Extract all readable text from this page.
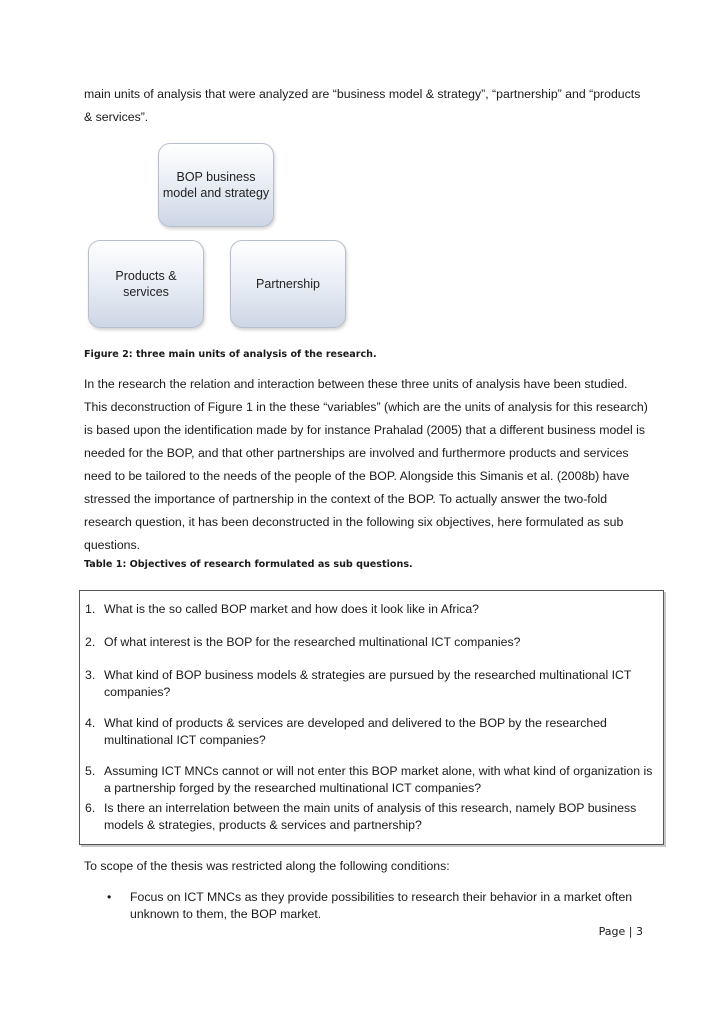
main units of analysis that were analyzed are “business model & strategy”, “partnership” and “products & services”.

BOP business
model and strategy
Products &
services
Partnership

Figure 2: three main units of analysis of the research.

In the research the relation and interaction between these three units of analysis have been studied. This deconstruction of Figure 1 in the these “variables” (which are the units of analysis for this research) is based upon the identification made by for instance Prahalad (2005) that a different business model is needed for the BOP, and that other partnerships are involved and furthermore products and services need to be tailored to the needs of the people of the BOP. Alongside this Simanis et al. (2008b) have stressed the importance of partnership in the context of the BOP. To actually answer the two-fold research question, it has been deconstructed in the following six objectives, here formulated as sub questions.

Table 1: Objectives of research formulated as sub questions.

1. What is the so called BOP market and how does it look like in Africa?
2. Of what interest is the BOP for the researched multinational ICT companies?
3. What kind of BOP business models & strategies are pursued by the researched multinational ICT companies?
4. What kind of products & services are developed and delivered to the BOP by the researched multinational ICT companies?
5. Assuming ICT MNCs cannot or will not enter this BOP market alone, with what kind of organization is a partnership forged by the researched multinational ICT companies?
6. Is there an interrelation between the main units of analysis of this research, namely BOP business models & strategies, products & services and partnership?

To scope of the thesis was restricted along the following conditions:

•	Focus on ICT MNCs as they provide possibilities to research their behavior in a market often unknown to them, the BOP market.
Page | 3
